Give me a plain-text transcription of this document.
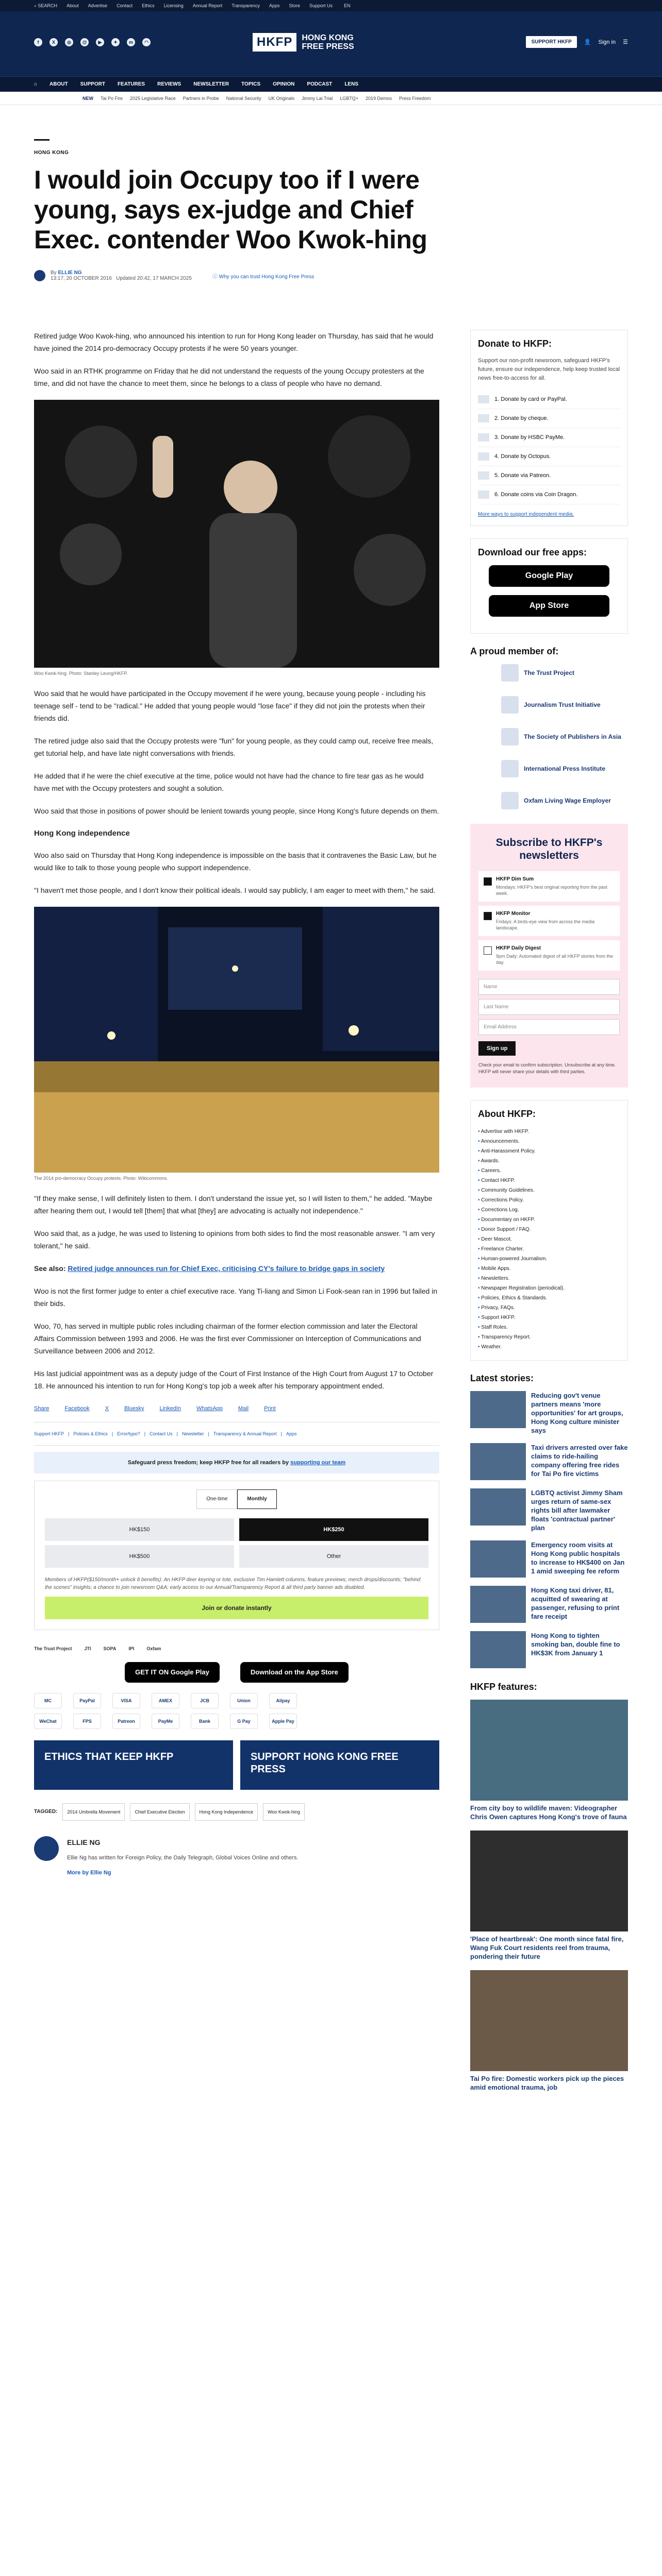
⌕ SEARCH About Advertise Contact Ethics Licensing Annual Report Transparency Apps Store Support Us EN
f	X	◎	@	▶	✦	m	◠	HKFP	HONG KONG
FREE PRESS
SUPPORT HKFP	👤 Sign in ☰
⌂ ABOUT SUPPORT FEATURES REVIEWS NEWSLETTER TOPICS OPINION PODCAST LENS
NEW Tai Po Fire 2025 Legislative Race Partners in Probe National Security UK Originals Jimmy Lai Trial LGBTQ+ 2019 Demos Press Freedom
HONG KONG
I would join Occupy too if I were young, says ex-judge and Chief Exec. contender Woo Kwok-hing
By ELLIE NG
13:17, 20 OCTOBER 2016 Updated 20:42, 17 MARCH 2025	ⓘ Why you can trust Hong Kong Free Press

Retired judge Woo Kwok-hing, who announced his intention to run for Hong Kong leader on Thursday, has said that he would have joined the 2014 pro-democracy Occupy protests if he were 50 years younger.

Woo said in an RTHK programme on Friday that he did not understand the requests of the young Occupy protesters at the time, and did not have the chance to meet them, since he belongs to a class of people who have no demand.

Woo Kwok-hing. Photo: Stanley Leung/HKFP.

Woo said that he would have participated in the Occupy movement if he were young, because young people - including his teenage self - tend to be "radical." He added that young people would "lose face" if they did not join the protests when their friends did.

The retired judge also said that the Occupy protests were "fun" for young people, as they could camp out, receive free meals, get tutorial help, and have late night conversations with friends.

He added that if he were the chief executive at the time, police would not have had the chance to fire tear gas as he would have met with the Occupy protesters and sought a solution.

Woo said that those in positions of power should be lenient towards young people, since Hong Kong's future depends on them.

Hong Kong independence

Woo also said on Thursday that Hong Kong independence is impossible on the basis that it contravenes the Basic Law, but he would like to talk to those young people who support independence.

"I haven't met those people, and I don't know their political ideals. I would say publicly, I am eager to meet with them," he said.

The 2014 pro-democracy Occupy protests. Photo: Wikicommons.

"If they make sense, I will definitely listen to them. I don't understand the issue yet, so I will listen to them," he added. "Maybe after hearing them out, I would tell [them] that what [they] are advocating is actually not independence."

Woo said that, as a judge, he was used to listening to opinions from both sides to find the most reasonable answer. "I am very tolerant," he said.

See also: Retired judge announces run for Chief Exec, criticising CY's failure to bridge gaps in society

Woo is not the first former judge to enter a chief executive race. Yang Ti-liang and Simon Li Fook-sean ran in 1996 but failed in their bids.

Woo, 70, has served in multiple public roles including chairman of the former election commission and later the Electoral Affairs Commission between 1993 and 2006. He was the first ever Commissioner on Interception of Communications and Surveillance between 2006 and 2012.

His last judicial appointment was as a deputy judge of the Court of First Instance of the High Court from August 17 to October 18. He announced his intention to run for Hong Kong's top job a week after his temporary appointment ended.

Share	Facebook	X	Bluesky	LinkedIn	WhatsApp	Mail	Print
Support HKFP | Policies & Ethics | Error/typo? | Contact Us | Newsletter | Transparency & Annual Report | Apps
Safeguard press freedom; keep HKFP free for all readers by supporting our team
One-time	Monthly
HK$150	HK$250
HK$500	Other
Members of HKFP($150/month+ unlock 8 benefits): An HKFP deer keyring or tote, exclusive Tim Hamlett columns, feature previews; merch drops/discounts; "behind the scenes" insights; a chance to join newsroom Q&A; early access to our Annual/Transparency Report & all third party banner ads disabled.
Join or donate instantly
The Trust Project	JTI	SOPA	IPI	Oxfam
GET IT ON Google Play	Download on the App Store
MC	PayPal	VISA	AMEX	JCB	Union	Alipay
WeChat	FPS	Patreon	PayMe	Bank	G Pay	Apple Pay
ETHICS THAT KEEP HKFP	SUPPORT HONG KONG FREE PRESS
TAGGED:	2014 Umbrella Movement	Chief Executive Election	Hong Kong Independence	Woo Kwok-hing
ELLIE NG
Ellie Ng has written for Foreign Policy, the Daily Telegraph, Global Voices Online and others.
More by Ellie Ng
Donate to HKFP:

Support our non-profit newsroom, safeguard HKFP's future, ensure our independence, help keep trusted local news free-to-access for all.

1. Donate by card or PayPal.
2. Donate by cheque.
3. Donate by HSBC PayMe.
4. Donate by Octopus.
5. Donate via Patreon.
6. Donate coins via Coin Dragon.
More ways to support independent media.
Download our free apps:
Google Play
App Store
A proud member of:
The Trust Project
Journalism Trust Initiative
The Society of Publishers in Asia
International Press Institute
Oxfam Living Wage Employer
Subscribe to HKFP's newsletters
HKFP Dim Sum
Mondays: HKFP's best original reporting from the past week.
HKFP Monitor
Fridays: A birds-eye view from across the media landscape.
HKFP Daily Digest
9pm Daily: Automated digest of all HKFP stories from the day.
Name
Last Name
Email Address
Sign up
Check your email to confirm subscription. Unsubscribe at any time. HKFP will never share your details with third parties.
About HKFP:
• Advertise with HKFP.
• Announcements.
• Anti-Harassment Policy.
• Awards.
• Careers.
• Contact HKFP.
• Community Guidelines.
• Corrections Policy.
• Corrections Log.
• Documentary on HKFP.
• Donor Support / FAQ.
• Deer Mascot.
• Freelance Charter.
• Human-powered Journalism.
• Mobile Apps.
• Newsletters.
• Newspaper Registration (periodical).
• Policies, Ethics & Standards.
• Privacy, FAQs.
• Support HKFP.
• Staff Roles.
• Transparency Report.
• Weather.
Latest stories:
Reducing gov't venue partners means 'more opportunities' for art groups, Hong Kong culture minister says
Taxi drivers arrested over fake claims to ride-hailing company offering free rides for Tai Po fire victims
LGBTQ activist Jimmy Sham urges return of same-sex rights bill after lawmaker floats 'contractual partner' plan
Emergency room visits at Hong Kong public hospitals to increase to HK$400 on Jan 1 amid sweeping fee reform
Hong Kong taxi driver, 81, acquitted of swearing at passenger, refusing to print fare receipt
Hong Kong to tighten smoking ban, double fine to HK$3K from January 1
HKFP features:
From city boy to wildlife maven: Videographer Chris Owen captures Hong Kong's trove of fauna
'Place of heartbreak': One month since fatal fire, Wang Fuk Court residents reel from trauma, pondering their future
Tai Po fire: Domestic workers pick up the pieces amid emotional trauma, job
